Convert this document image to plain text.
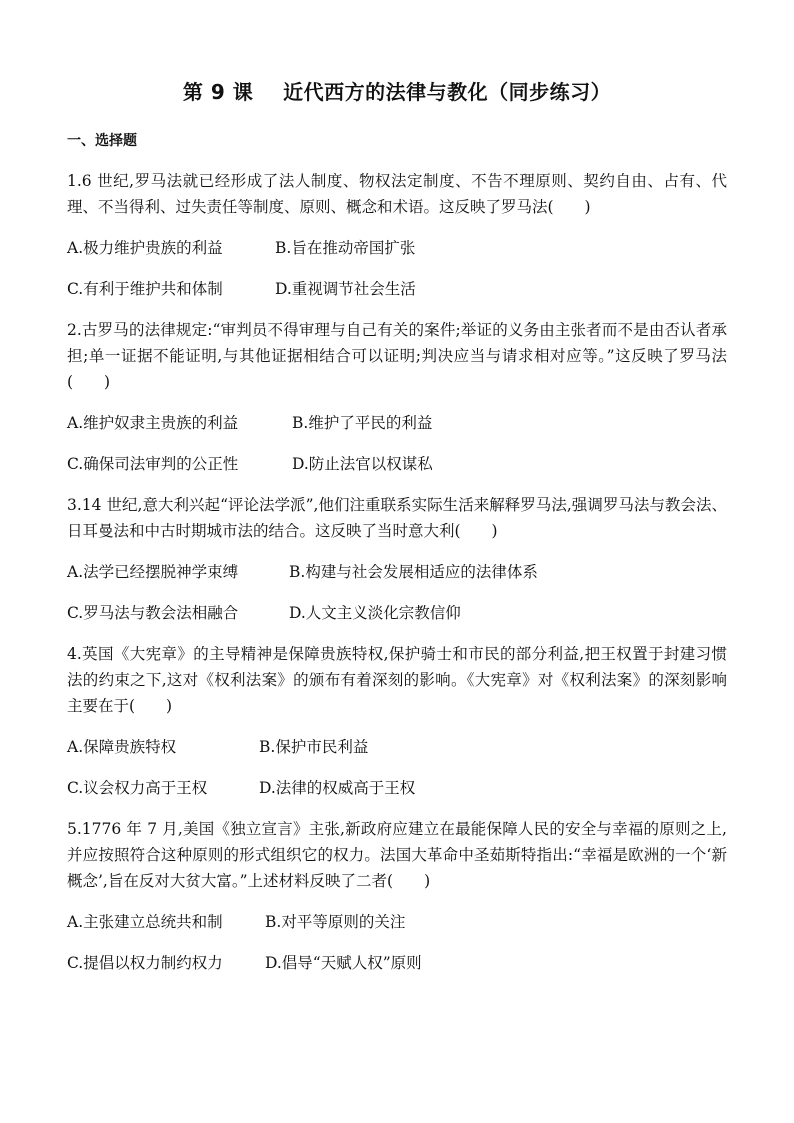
第 9 课    近代西方的法律与教化（同步练习）
一、选择题

1.6 世纪,罗马法就已经形成了法人制度、物权法定制度、不告不理原则、契约自由、占有、代理、不当得利、过失责任等制度、原则、概念和术语。这反映了罗马法(　　)

A.极力维护贵族的利益	B.旨在推动帝国扩张
C.有利于维护共和体制	D.重视调节社会生活

2.古罗马的法律规定:“审判员不得审理与自己有关的案件;举证的义务由主张者而不是由否认者承担;单一证据不能证明,与其他证据相结合可以证明;判决应当与请求相对应等。”这反映了罗马法(　　)

A.维护奴隶主贵族的利益	B.维护了平民的利益
C.确保司法审判的公正性	D.防止法官以权谋私

3.14 世纪,意大利兴起“评论法学派”,他们注重联系实际生活来解释罗马法,强调罗马法与教会法、日耳曼法和中古时期城市法的结合。这反映了当时意大利(　　)

A.法学已经摆脱神学束缚	B.构建与社会发展相适应的法律体系
C.罗马法与教会法相融合	D.人文主义淡化宗教信仰

4.英国《大宪章》的主导精神是保障贵族特权,保护骑士和市民的部分利益,把王权置于封建习惯法的约束之下,这对《权利法案》的颁布有着深刻的影响。《大宪章》对《权利法案》的深刻影响主要在于(　　)

A.保障贵族特权	B.保护市民利益
C.议会权力高于王权	D.法律的权威高于王权

5.1776 年 7 月,美国《独立宣言》主张,新政府应建立在最能保障人民的安全与幸福的原则之上,并应按照符合这种原则的形式组织它的权力。法国大革命中圣茹斯特指出:“幸福是欧洲的一个‘新概念’,旨在反对大贫大富。”上述材料反映了二者(　　)

A.主张建立总统共和制	B.对平等原则的关注
C.提倡以权力制约权力	D.倡导“天赋人权”原则
